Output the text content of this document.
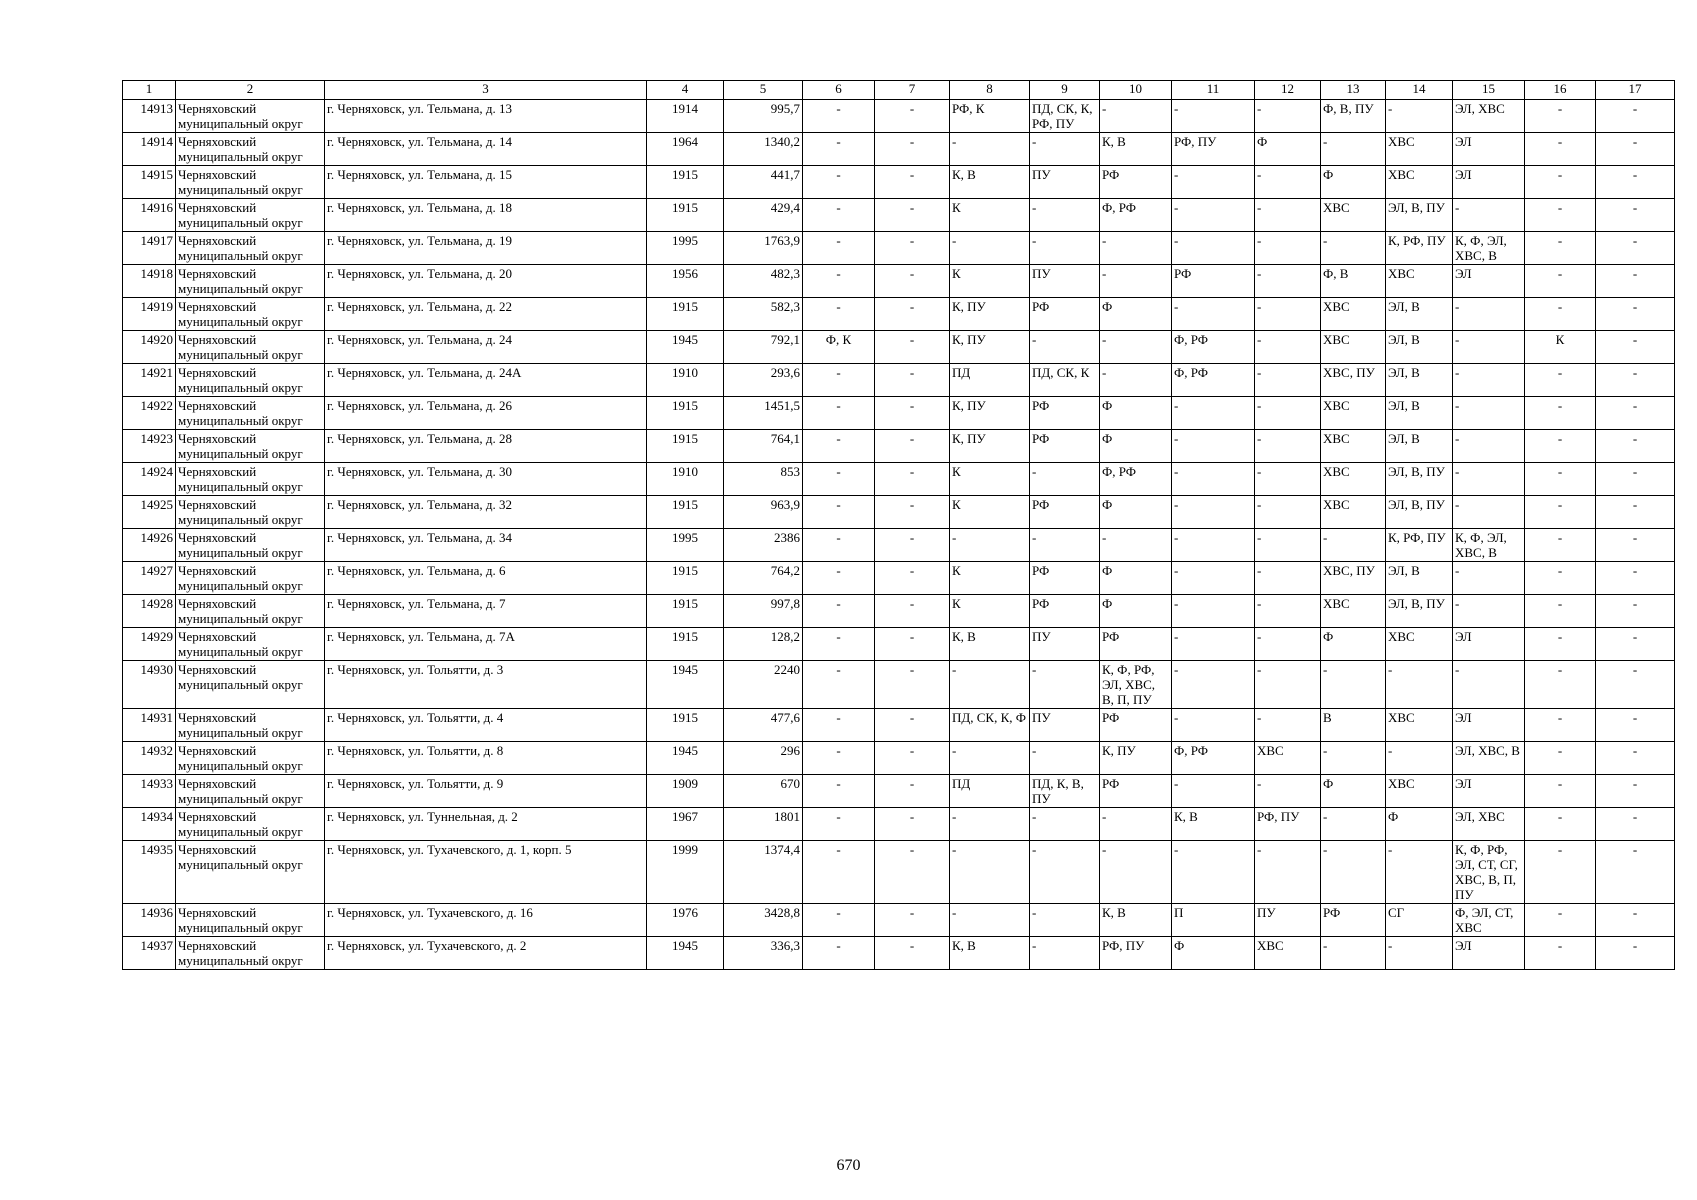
1	2	3	4	5	6	7	8	9	10	11	12	13	14	15	16	17
14913	Черняховский муниципальный округ	г. Черняховск, ул. Тельмана, д. 13	1914	995,7	-	-	РФ, К	ПД, СК, К, РФ, ПУ	-	-	-	Ф, В, ПУ	-	ЭЛ, ХВС	-	-
14914	Черняховский муниципальный округ	г. Черняховск, ул. Тельмана, д. 14	1964	1340,2	-	-	-	-	К, В	РФ, ПУ	Ф	-	ХВС	ЭЛ	-	-
14915	Черняховский муниципальный округ	г. Черняховск, ул. Тельмана, д. 15	1915	441,7	-	-	К, В	ПУ	РФ	-	-	Ф	ХВС	ЭЛ	-	-
14916	Черняховский муниципальный округ	г. Черняховск, ул. Тельмана, д. 18	1915	429,4	-	-	К	-	Ф, РФ	-	-	ХВС	ЭЛ, В, ПУ	-	-	-
14917	Черняховский муниципальный округ	г. Черняховск, ул. Тельмана, д. 19	1995	1763,9	-	-	-	-	-	-	-	-	К, РФ, ПУ	К, Ф, ЭЛ, ХВС, В	-	-
14918	Черняховский муниципальный округ	г. Черняховск, ул. Тельмана, д. 20	1956	482,3	-	-	К	ПУ	-	РФ	-	Ф, В	ХВС	ЭЛ	-	-
14919	Черняховский муниципальный округ	г. Черняховск, ул. Тельмана, д. 22	1915	582,3	-	-	К, ПУ	РФ	Ф	-	-	ХВС	ЭЛ, В	-	-	-
14920	Черняховский муниципальный округ	г. Черняховск, ул. Тельмана, д. 24	1945	792,1	Ф, К	-	К, ПУ	-	-	Ф, РФ	-	ХВС	ЭЛ, В	-	К	-
14921	Черняховский муниципальный округ	г. Черняховск, ул. Тельмана, д. 24А	1910	293,6	-	-	ПД	ПД, СК, К	-	Ф, РФ	-	ХВС, ПУ	ЭЛ, В	-	-	-
14922	Черняховский муниципальный округ	г. Черняховск, ул. Тельмана, д. 26	1915	1451,5	-	-	К, ПУ	РФ	Ф	-	-	ХВС	ЭЛ, В	-	-	-
14923	Черняховский муниципальный округ	г. Черняховск, ул. Тельмана, д. 28	1915	764,1	-	-	К, ПУ	РФ	Ф	-	-	ХВС	ЭЛ, В	-	-	-
14924	Черняховский муниципальный округ	г. Черняховск, ул. Тельмана, д. 30	1910	853	-	-	К	-	Ф, РФ	-	-	ХВС	ЭЛ, В, ПУ	-	-	-
14925	Черняховский муниципальный округ	г. Черняховск, ул. Тельмана, д. 32	1915	963,9	-	-	К	РФ	Ф	-	-	ХВС	ЭЛ, В, ПУ	-	-	-
14926	Черняховский муниципальный округ	г. Черняховск, ул. Тельмана, д. 34	1995	2386	-	-	-	-	-	-	-	-	К, РФ, ПУ	К, Ф, ЭЛ, ХВС, В	-	-
14927	Черняховский муниципальный округ	г. Черняховск, ул. Тельмана, д. 6	1915	764,2	-	-	К	РФ	Ф	-	-	ХВС, ПУ	ЭЛ, В	-	-	-
14928	Черняховский муниципальный округ	г. Черняховск, ул. Тельмана, д. 7	1915	997,8	-	-	К	РФ	Ф	-	-	ХВС	ЭЛ, В, ПУ	-	-	-
14929	Черняховский муниципальный округ	г. Черняховск, ул. Тельмана, д. 7А	1915	128,2	-	-	К, В	ПУ	РФ	-	-	Ф	ХВС	ЭЛ	-	-
14930	Черняховский муниципальный округ	г. Черняховск, ул. Тольятти, д. 3	1945	2240	-	-	-	-	К, Ф, РФ, ЭЛ, ХВС, В, П, ПУ	-	-	-	-	-	-	-
14931	Черняховский муниципальный округ	г. Черняховск, ул. Тольятти, д. 4	1915	477,6	-	-	ПД, СК, К, Ф	ПУ	РФ	-	-	В	ХВС	ЭЛ	-	-
14932	Черняховский муниципальный округ	г. Черняховск, ул. Тольятти, д. 8	1945	296	-	-	-	-	К, ПУ	Ф, РФ	ХВС	-	-	ЭЛ, ХВС, В	-	-
14933	Черняховский муниципальный округ	г. Черняховск, ул. Тольятти, д. 9	1909	670	-	-	ПД	ПД, К, В, ПУ	РФ	-	-	Ф	ХВС	ЭЛ	-	-
14934	Черняховский муниципальный округ	г. Черняховск, ул. Туннельная, д. 2	1967	1801	-	-	-	-	-	К, В	РФ, ПУ	-	Ф	ЭЛ, ХВС	-	-
14935	Черняховский муниципальный округ	г. Черняховск, ул. Тухачевского, д. 1, корп. 5	1999	1374,4	-	-	-	-	-	-	-	-	-	К, Ф, РФ, ЭЛ, СТ, СГ, ХВС, В, П, ПУ	-	-
14936	Черняховский муниципальный округ	г. Черняховск, ул. Тухачевского, д. 16	1976	3428,8	-	-	-	-	К, В	П	ПУ	РФ	СГ	Ф, ЭЛ, СТ, ХВС	-	-
14937	Черняховский муниципальный округ	г. Черняховск, ул. Тухачевского, д. 2	1945	336,3	-	-	К, В	-	РФ, ПУ	Ф	ХВС	-	-	ЭЛ	-	-
670
